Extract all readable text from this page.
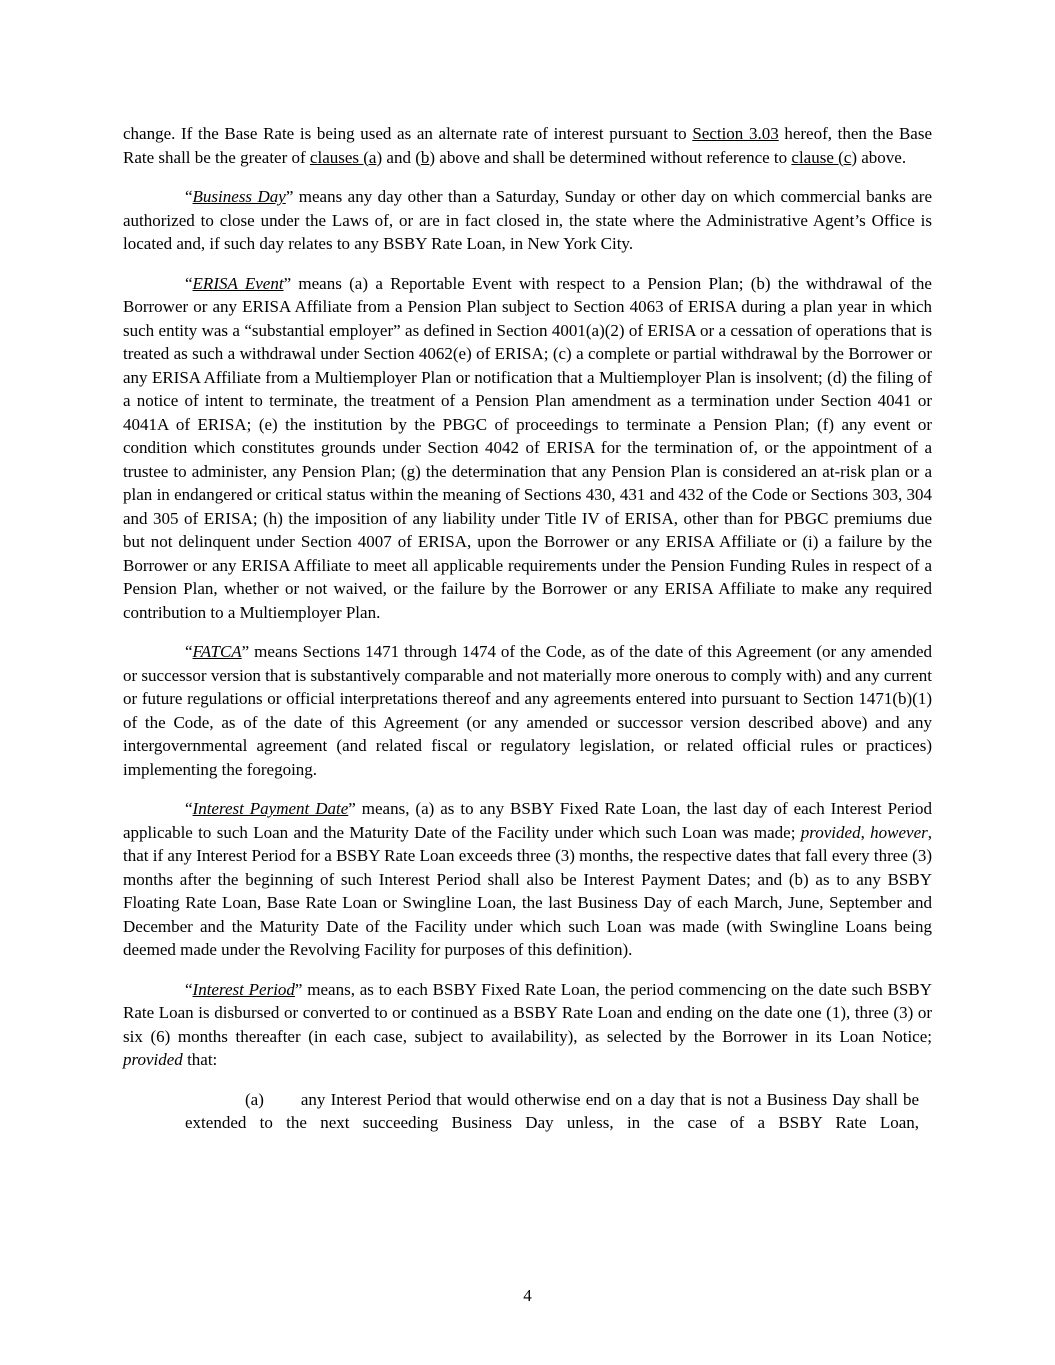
change. If the Base Rate is being used as an alternate rate of interest pursuant to Section 3.03 hereof, then the Base Rate shall be the greater of clauses (a) and (b) above and shall be determined without reference to clause (c) above.

“Business Day” means any day other than a Saturday, Sunday or other day on which commercial banks are authorized to close under the Laws of, or are in fact closed in, the state where the Administrative Agent’s Office is located and, if such day relates to any BSBY Rate Loan, in New York City.

“ERISA Event” means (a) a Reportable Event with respect to a Pension Plan; (b) the withdrawal of the Borrower or any ERISA Affiliate from a Pension Plan subject to Section 4063 of ERISA during a plan year in which such entity was a “substantial employer” as defined in Section 4001(a)(2) of ERISA or a cessation of operations that is treated as such a withdrawal under Section 4062(e) of ERISA; (c) a complete or partial withdrawal by the Borrower or any ERISA Affiliate from a Multiemployer Plan or notification that a Multiemployer Plan is insolvent; (d) the filing of a notice of intent to terminate, the treatment of a Pension Plan amendment as a termination under Section 4041 or 4041A of ERISA; (e) the institution by the PBGC of proceedings to terminate a Pension Plan; (f) any event or condition which constitutes grounds under Section 4042 of ERISA for the termination of, or the appointment of a trustee to administer, any Pension Plan; (g) the determination that any Pension Plan is considered an at-risk plan or a plan in endangered or critical status within the meaning of Sections 430, 431 and 432 of the Code or Sections 303, 304 and 305 of ERISA; (h) the imposition of any liability under Title IV of ERISA, other than for PBGC premiums due but not delinquent under Section 4007 of ERISA, upon the Borrower or any ERISA Affiliate or (i) a failure by the Borrower or any ERISA Affiliate to meet all applicable requirements under the Pension Funding Rules in respect of a Pension Plan, whether or not waived, or the failure by the Borrower or any ERISA Affiliate to make any required contribution to a Multiemployer Plan.

“FATCA” means Sections 1471 through 1474 of the Code, as of the date of this Agreement (or any amended or successor version that is substantively comparable and not materially more onerous to comply with) and any current or future regulations or official interpretations thereof and any agreements entered into pursuant to Section 1471(b)(1) of the Code, as of the date of this Agreement (or any amended or successor version described above) and any intergovernmental agreement (and related fiscal or regulatory legislation, or related official rules or practices) implementing the foregoing.

“Interest Payment Date” means, (a) as to any BSBY Fixed Rate Loan, the last day of each Interest Period applicable to such Loan and the Maturity Date of the Facility under which such Loan was made; provided, however, that if any Interest Period for a BSBY Rate Loan exceeds three (3) months, the respective dates that fall every three (3) months after the beginning of such Interest Period shall also be Interest Payment Dates; and (b) as to any BSBY Floating Rate Loan, Base Rate Loan or Swingline Loan, the last Business Day of each March, June, September and December and the Maturity Date of the Facility under which such Loan was made (with Swingline Loans being deemed made under the Revolving Facility for purposes of this definition).

“Interest Period” means, as to each BSBY Fixed Rate Loan, the period commencing on the date such BSBY Rate Loan is disbursed or converted to or continued as a BSBY Rate Loan and ending on the date one (1), three (3) or six (6) months thereafter (in each case, subject to availability), as selected by the Borrower in its Loan Notice; provided that:

(a) any Interest Period that would otherwise end on a day that is not a Business Day shall be extended to the next succeeding Business Day unless, in the case of a BSBY Rate Loan,

4
